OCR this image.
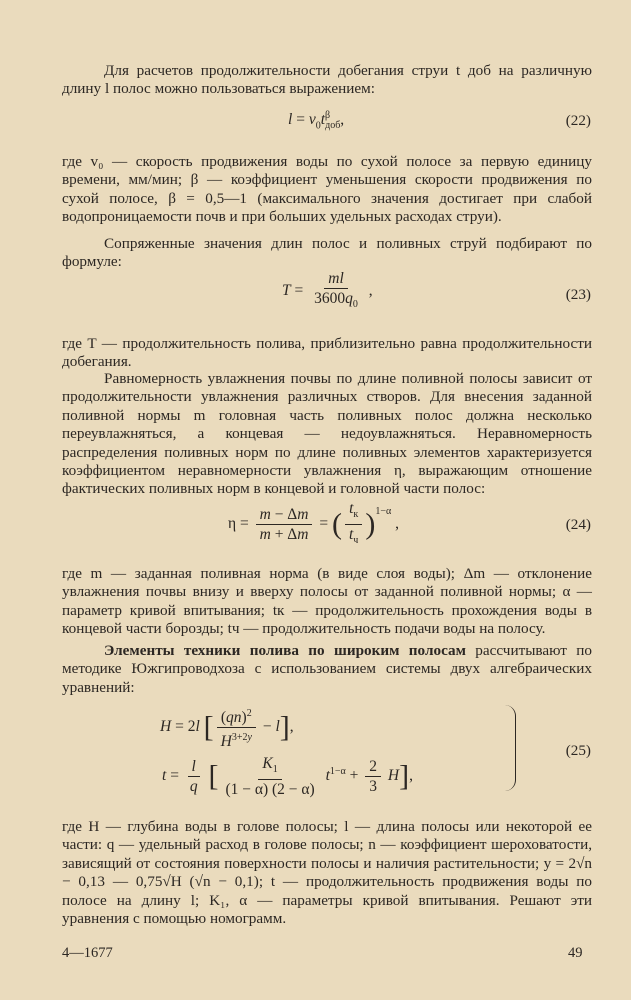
Для расчетов продолжительности добегания струи t доб на различную длину l полос можно пользоваться выражением:

$l = v_0t^\beta_{доб}$,	(22)

где v₀ — скорость продвижения воды по сухой полосе за первую единицу времени, мм/мин; β — коэффициент уменьшения скорости продвижения по сухой полосе, β = 0,5—1 (максимального значения достигает при слабой водопроницаемости почв и при больших удельных расходах струи).

Сопряженные значения длин полос и поливных струй подбирают по формуле:

$T = \frac{ml}{3600q_0}$ ,	(23)

где T — продолжительность полива, приблизительно равна продолжительности добегания.

Равномерность увлажнения почвы по длине поливной полосы зависит от продолжительности увлажнения различных створов. Для внесения заданной поливной нормы m головная часть поливных полос должна несколько переувлажняться, а концевая — недоувлажняться. Неравномерность распределения поливных норм по длине поливных элементов характеризуется коэффициентом неравномерности увлажнения η, выражающим отношение фактических поливных норм в концевой и головной части полос:

$\eta = \frac{m - \Delta m}{m + \Delta m}$ = ( $\frac{t_к}{t_ч} )^{1-\alpha}$ ,	(24)

где m — заданная поливная норма (в виде слоя воды); Δm — отклонение увлажнения почвы внизу и вверху полосы от заданной поливной нормы; α — параметр кривой впитывания; tк — продолжительность прохождения воды в концевой части борозды; tч — продолжительность подачи воды на полосу.

Элементы техники полива по широким полосам рассчитывают по методике Южгипроводхоза с использованием системы двух алгебраических уравнений:

H = 2l [ $\frac{(qn)^2}{H^{3+2y}} - l$],
$t = \frac{l}{q}$ [ $\frac{K_1}{(1 - \alpha) (2 - \alpha)} t^{1-\alpha} + \frac{2}{3} H$],
(25)

где H — глубина воды в голове полосы; l — длина полосы или некоторой ее части: q — удельный расход в голове полосы; n — коэффициент шероховатости, зависящий от состояния поверхности полосы и наличия растительности; y = 2√n − 0,13 — 0,75√H (√n − 0,1); t — продолжительность продвижения воды по полосе на длину l; K₁, α — параметры кривой впитывания. Решают эти уравнения с помощью номограмм.

4—1677	49
